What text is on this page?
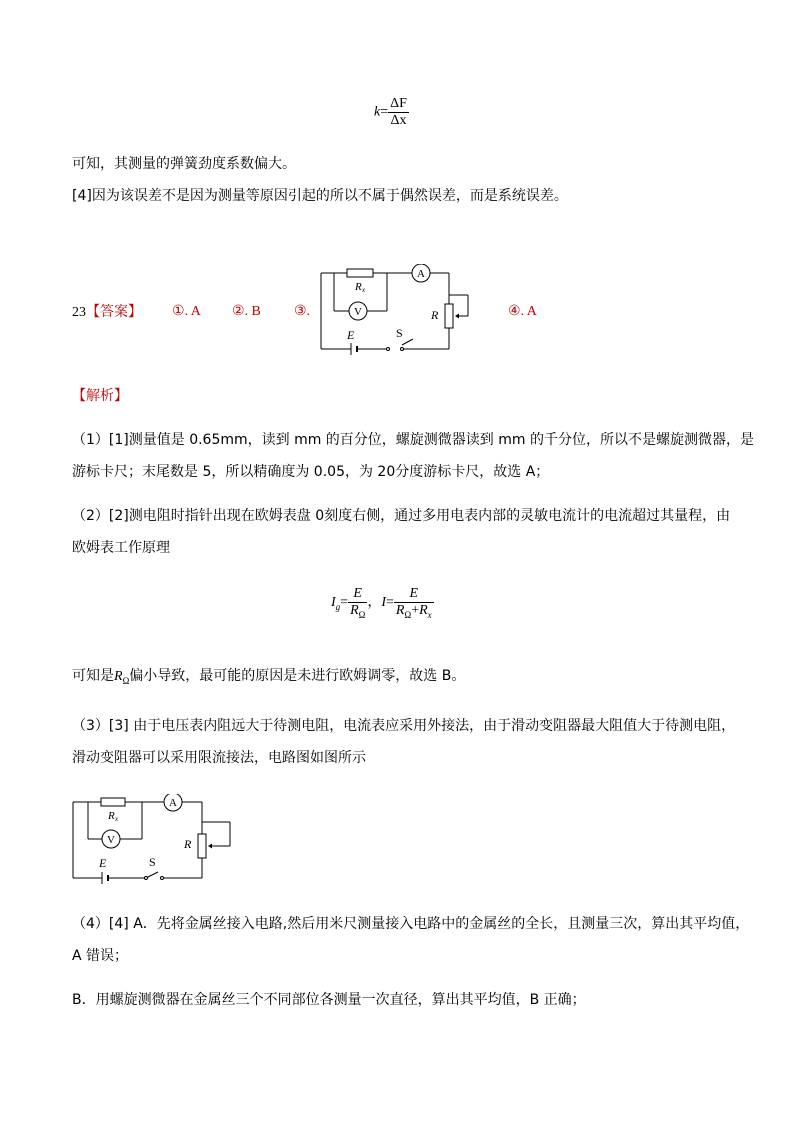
$k= \frac{\Delta F}{\Delta x}$
可知，其测量的弹簧劲度系数偏大。
[4]因为该误差不是因为测量等原因引起的所以不属于偶然误差，而是系统误差。
23【答案】 ①. A ②. B ③.	④. A
A
V
R x
R
E	S
【解析】
（1）[1]测量值是 0.65mm，读到 mm 的百分位，螺旋测微器读到 mm 的千分位，所以不是螺旋测微器，是
游标卡尺；末尾数是 5，所以精确度为 0.05，为 20分度游标卡尺，故选 A；
（2）[2]测电阻时指针出现在欧姆表盘 0刻度右侧，通过多用电表内部的灵敏电流计的电流超过其量程，由
欧姆表工作原理
$I_g= \frac{E}{R_\Omega}$ ，$I= \frac{E}{R_\Omega+R_x}$
可知是$R_\Omega$偏小导致，最可能的原因是未进行欧姆调零，故选 B。
（3）[3] 由于电压表内阻远大于待测电阻，电流表应采用外接法，由于滑动变阻器最大阻值大于待测电阻，
滑动变阻器可以采用限流接法，电路图如图所示
A
V
R x
R
E	S
（4）[4] A．先将金属丝接入电路,然后用米尺测量接入电路中的金属丝的全长，且测量三次，算出其平均值，
A 错误；
B．用螺旋测微器在金属丝三个不同部位各测量一次直径，算出其平均值，B 正确；
